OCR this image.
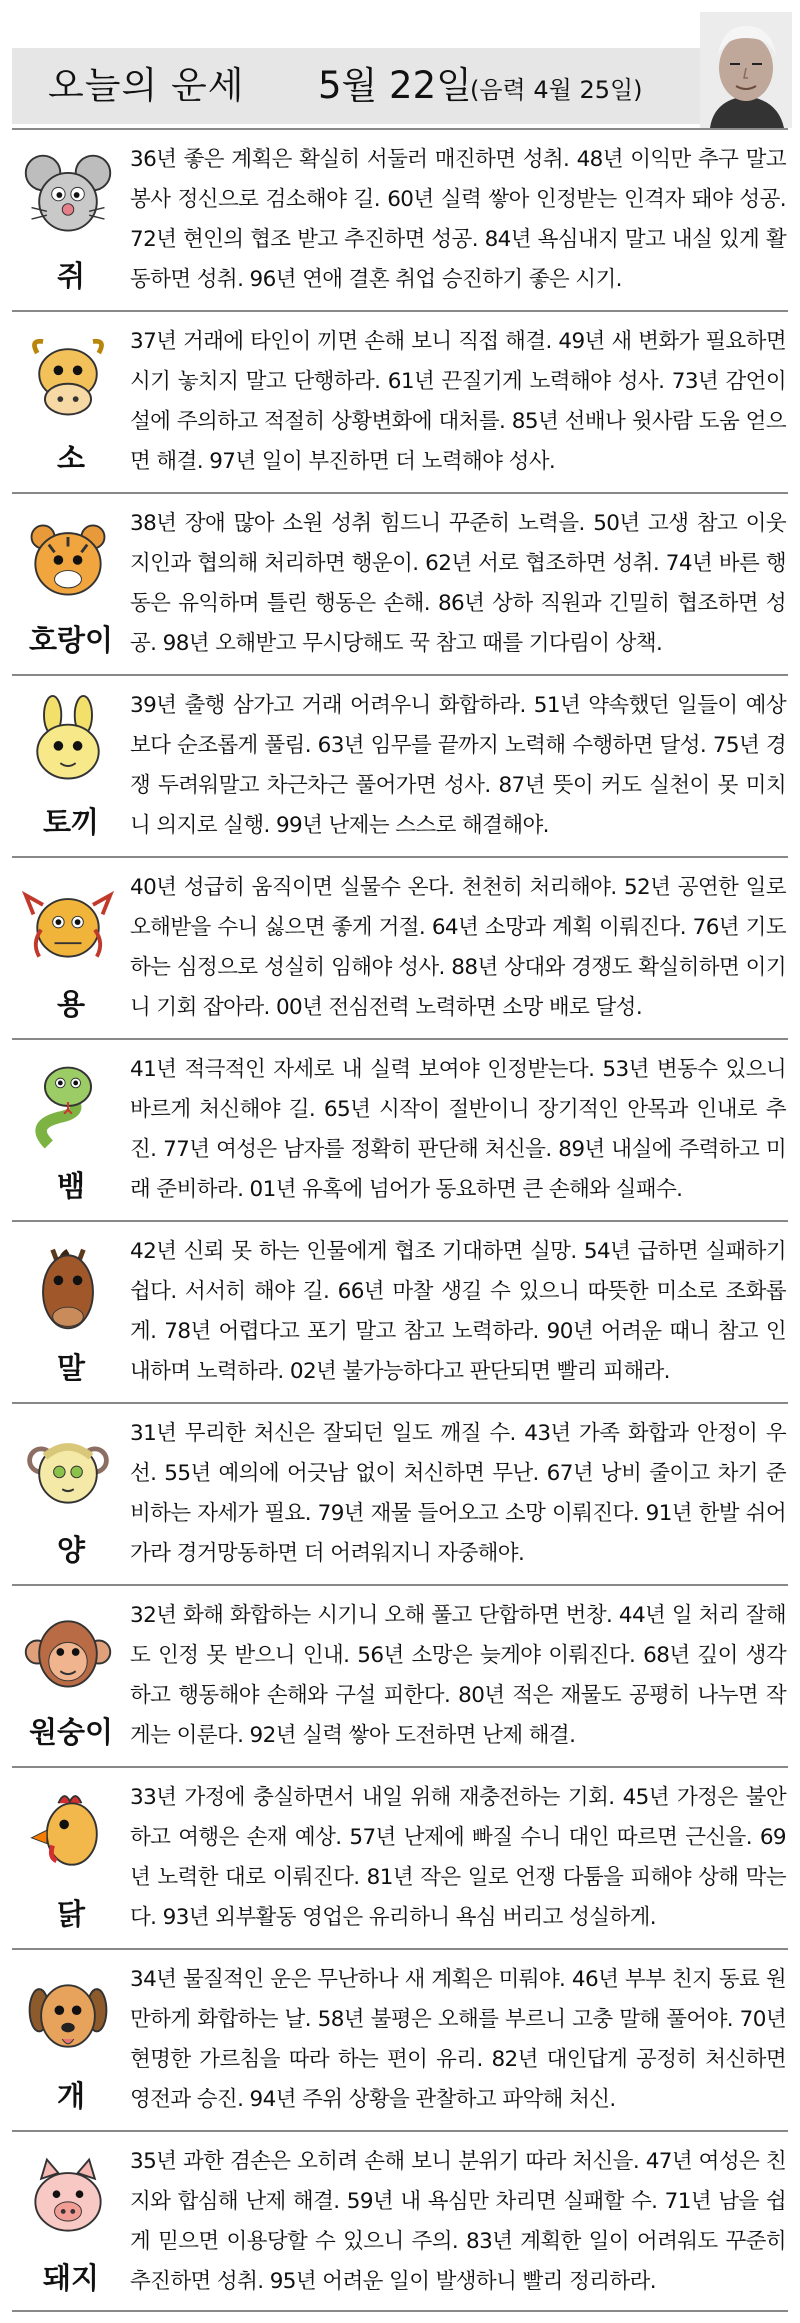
오늘의 운세 5월 22일
(음력 4월 25일)
쥐
36년 좋은 계획은 확실히 서둘러 매진하면 성취. 48년 이익만 추구 말고 봉사 정신으로 검소해야 길. 60년 실력 쌓아 인정받는 인격자 돼야 성공. 72년 현인의 협조 받고 추진하면 성공. 84년 욕심내지 말고 내실 있게 활동하면 성취. 96년 연애 결혼 취업 승진하기 좋은 시기.
소
37년 거래에 타인이 끼면 손해 보니 직접 해결. 49년 새 변화가 필요하면 시기 놓치지 말고 단행하라. 61년 끈질기게 노력해야 성사. 73년 감언이설에 주의하고 적절히 상황변화에 대처를. 85년 선배나 윗사람 도움 얻으면 해결. 97년 일이 부진하면 더 노력해야 성사.
호랑이
38년 장애 많아 소원 성취 힘드니 꾸준히 노력을. 50년 고생 참고 이웃 지인과 협의해 처리하면 행운이. 62년 서로 협조하면 성취. 74년 바른 행동은 유익하며 틀린 행동은 손해. 86년 상하 직원과 긴밀히 협조하면 성공. 98년 오해받고 무시당해도 꾹 참고 때를 기다림이 상책.
토끼
39년 출행 삼가고 거래 어려우니 화합하라. 51년 약속했던 일들이 예상보다 순조롭게 풀림. 63년 임무를 끝까지 노력해 수행하면 달성. 75년 경쟁 두려워말고 차근차근 풀어가면 성사. 87년 뜻이 커도 실천이 못 미치니 의지로 실행. 99년 난제는 스스로 해결해야.
용
40년 성급히 움직이면 실물수 온다. 천천히 처리해야. 52년 공연한 일로 오해받을 수니 싫으면 좋게 거절. 64년 소망과 계획 이뤄진다. 76년 기도하는 심정으로 성실히 임해야 성사. 88년 상대와 경쟁도 확실히하면 이기니 기회 잡아라. 00년 전심전력 노력하면 소망 배로 달성.
뱀
41년 적극적인 자세로 내 실력 보여야 인정받는다. 53년 변동수 있으니 바르게 처신해야 길. 65년 시작이 절반이니 장기적인 안목과 인내로 추진. 77년 여성은 남자를 정확히 판단해 처신을. 89년 내실에 주력하고 미래 준비하라. 01년 유혹에 넘어가 동요하면 큰 손해와 실패수.
말
42년 신뢰 못 하는 인물에게 협조 기대하면 실망. 54년 급하면 실패하기 쉽다. 서서히 해야 길. 66년 마찰 생길 수 있으니 따뜻한 미소로 조화롭게. 78년 어렵다고 포기 말고 참고 노력하라. 90년 어려운 때니 참고 인내하며 노력하라. 02년 불가능하다고 판단되면 빨리 피해라.
양
31년 무리한 처신은 잘되던 일도 깨질 수. 43년 가족 화합과 안정이 우선. 55년 예의에 어긋남 없이 처신하면 무난. 67년 낭비 줄이고 차기 준비하는 자세가 필요. 79년 재물 들어오고 소망 이뤄진다. 91년 한발 쉬어가라 경거망동하면 더 어려워지니 자중해야.
원숭이
32년 화해 화합하는 시기니 오해 풀고 단합하면 번창. 44년 일 처리 잘해도 인정 못 받으니 인내. 56년 소망은 늦게야 이뤄진다. 68년 깊이 생각하고 행동해야 손해와 구설 피한다. 80년 적은 재물도 공평히 나누면 작게는 이룬다. 92년 실력 쌓아 도전하면 난제 해결.
닭
33년 가정에 충실하면서 내일 위해 재충전하는 기회. 45년 가정은 불안하고 여행은 손재 예상. 57년 난제에 빠질 수니 대인 따르면 근신을. 69년 노력한 대로 이뤄진다. 81년 작은 일로 언쟁 다툼을 피해야 상해 막는다. 93년 외부활동 영업은 유리하니 욕심 버리고 성실하게.
개
34년 물질적인 운은 무난하나 새 계획은 미뤄야. 46년 부부 친지 동료 원만하게 화합하는 날. 58년 불평은 오해를 부르니 고충 말해 풀어야. 70년 현명한 가르침을 따라 하는 편이 유리. 82년 대인답게 공정히 처신하면 영전과 승진. 94년 주위 상황을 관찰하고 파악해 처신.
돼지
35년 과한 겸손은 오히려 손해 보니 분위기 따라 처신을. 47년 여성은 친지와 합심해 난제 해결. 59년 내 욕심만 차리면 실패할 수. 71년 남을 쉽게 믿으면 이용당할 수 있으니 주의. 83년 계획한 일이 어려워도 꾸준히 추진하면 성취. 95년 어려운 일이 발생하니 빨리 정리하라.
